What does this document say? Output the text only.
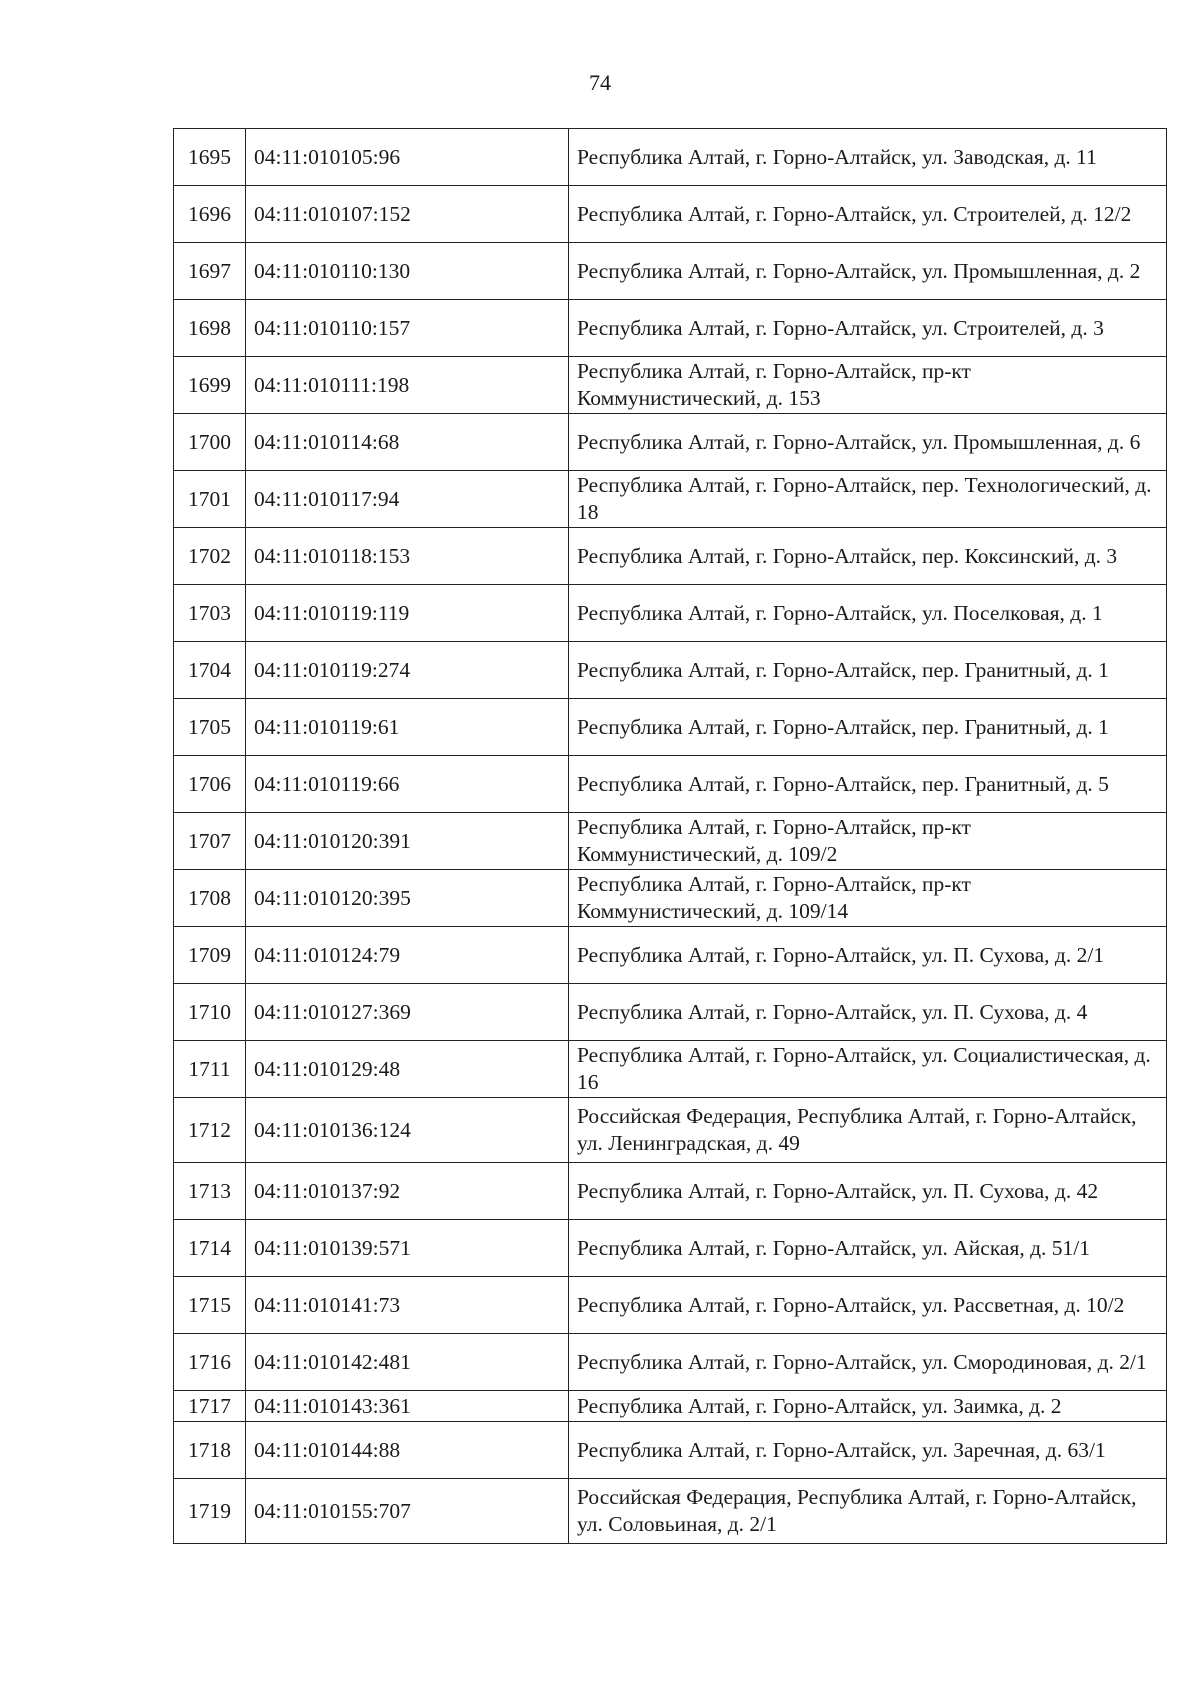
74
1695	04:11:010105:96	Республика Алтай, г. Горно-Алтайск, ул. Заводская, д. 11
1696	04:11:010107:152	Республика Алтай, г. Горно-Алтайск, ул. Строителей, д. 12/2
1697	04:11:010110:130	Республика Алтай, г. Горно-Алтайск, ул. Промышленная, д. 2
1698	04:11:010110:157	Республика Алтай, г. Горно-Алтайск, ул. Строителей, д. 3
1699	04:11:010111:198	Республика Алтай, г. Горно-Алтайск, пр-кт Коммунистический, д. 153
1700	04:11:010114:68	Республика Алтай, г. Горно-Алтайск, ул. Промышленная, д. 6
1701	04:11:010117:94	Республика Алтай, г. Горно-Алтайск, пер. Технологический, д. 18
1702	04:11:010118:153	Республика Алтай, г. Горно-Алтайск, пер. Коксинский, д. 3
1703	04:11:010119:119	Республика Алтай, г. Горно-Алтайск, ул. Поселковая, д. 1
1704	04:11:010119:274	Республика Алтай, г. Горно-Алтайск, пер. Гранитный, д. 1
1705	04:11:010119:61	Республика Алтай, г. Горно-Алтайск, пер. Гранитный, д. 1
1706	04:11:010119:66	Республика Алтай, г. Горно-Алтайск, пер. Гранитный, д. 5
1707	04:11:010120:391	Республика Алтай, г. Горно-Алтайск, пр-кт Коммунистический, д. 109/2
1708	04:11:010120:395	Республика Алтай, г. Горно-Алтайск, пр-кт Коммунистический, д. 109/14
1709	04:11:010124:79	Республика Алтай, г. Горно-Алтайск, ул. П. Сухова, д. 2/1
1710	04:11:010127:369	Республика Алтай, г. Горно-Алтайск, ул. П. Сухова, д. 4
1711	04:11:010129:48	Республика Алтай, г. Горно-Алтайск, ул. Социалистическая, д. 16
1712	04:11:010136:124	Российская Федерация, Республика Алтай, г. Горно-Алтайск, ул. Ленинградская, д. 49
1713	04:11:010137:92	Республика Алтай, г. Горно-Алтайск, ул. П. Сухова, д. 42
1714	04:11:010139:571	Республика Алтай, г. Горно-Алтайск, ул. Айская, д. 51/1
1715	04:11:010141:73	Республика Алтай, г. Горно-Алтайск, ул. Рассветная, д. 10/2
1716	04:11:010142:481	Республика Алтай, г. Горно-Алтайск, ул. Смородиновая, д. 2/1
1717	04:11:010143:361	Республика Алтай, г. Горно-Алтайск, ул. Заимка, д. 2
1718	04:11:010144:88	Республика Алтай, г. Горно-Алтайск, ул. Заречная, д. 63/1
1719	04:11:010155:707	Российская Федерация, Республика Алтай, г. Горно-Алтайск, ул. Соловьиная, д. 2/1
